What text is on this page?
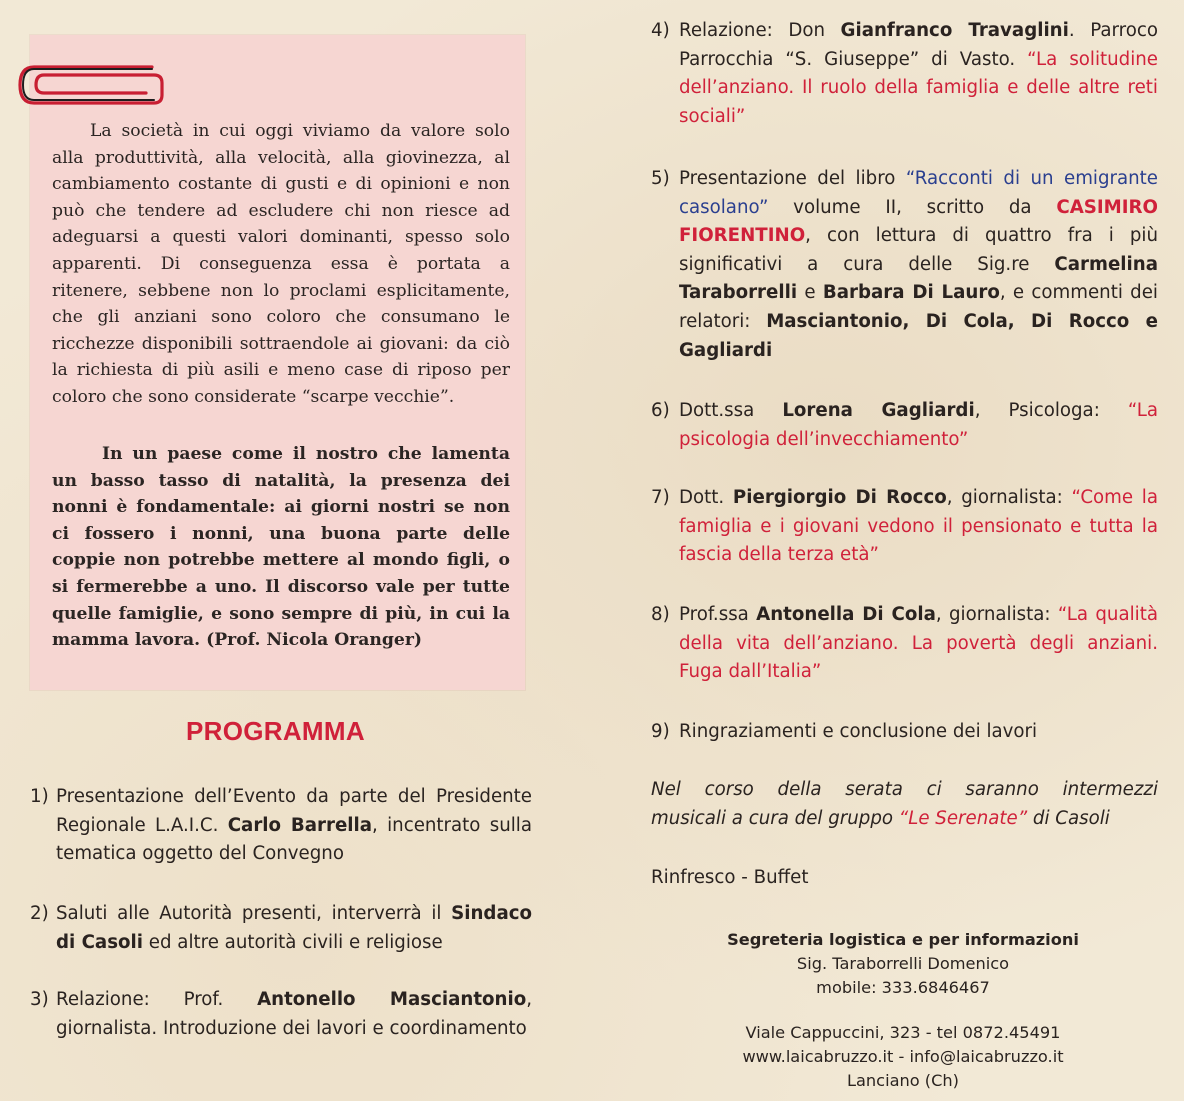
La società in cui oggi viviamo da valore solo alla produttività, alla velocità, alla giovinezza, al cambiamento costante di gusti e di opinioni e non può che tendere ad escludere chi non riesce ad adeguarsi a questi valori dominanti, spesso solo apparenti. Di conseguenza essa è portata a ritenere, sebbene non lo proclami esplicitamente, che gli anziani sono coloro che consumano le ricchezze disponibili sottraendole ai giovani: da ciò la richiesta di più asili e meno case di riposo per coloro che sono considerate “scarpe vecchie”.
In un paese come il nostro che lamenta un basso tasso di natalità, la presenza dei nonni è fondamentale: ai giorni nostri se non ci fossero i nonni, una buona parte delle coppie non potrebbe mettere al mondo figli, o si fermerebbe a uno. Il discorso vale per tutte quelle famiglie, e sono sempre di più, in cui la mamma lavora. (Prof. Nicola Oranger)
PROGRAMMA
1) Presentazione dell’Evento da parte del Presidente Regionale L.A.I.C. Carlo Barrella, incentrato sulla tematica oggetto del Convegno
2) Saluti alle Autorità presenti, interverrà il Sindaco di Casoli ed altre autorità civili e religiose
3) Relazione: Prof. Antonello Masciantonio, giornalista. Introduzione dei lavori e coordinamento
4) Relazione: Don Gianfranco Travaglini. Parroco Parrocchia “S. Giuseppe” di Vasto. “La solitudine dell’anziano. Il ruolo della famiglia e delle altre reti sociali”
5) Presentazione del libro “Racconti di un emigrante casolano” volume II, scritto da CASIMIRO FIORENTINO, con lettura di quattro fra i più significativi a cura delle Sig.re Carmelina Taraborrelli e Barbara Di Lauro, e commenti dei relatori: Masciantonio, Di Cola, Di Rocco e Gagliardi
6) Dott.ssa Lorena Gagliardi, Psicologa: “La psicologia dell’invecchiamento”
7) Dott. Piergiorgio Di Rocco, giornalista: “Come la famiglia e i giovani vedono il pensionato e tutta la fascia della terza età”
8) Prof.ssa Antonella Di Cola, giornalista: “La qualità della vita dell’anziano. La povertà degli anziani. Fuga dall’Italia”
9) Ringraziamenti e conclusione dei lavori
Nel corso della serata ci saranno intermezzi
musicali a cura del gruppo “Le Serenate” di Casoli
Rinfresco - Buffet
Segreteria logistica e per informazioni
Sig. Taraborrelli Domenico
mobile: 333.6846467
Viale Cappuccini, 323 - tel 0872.45491
www.laicabruzzo.it - info@laicabruzzo.it
Lanciano (Ch)
